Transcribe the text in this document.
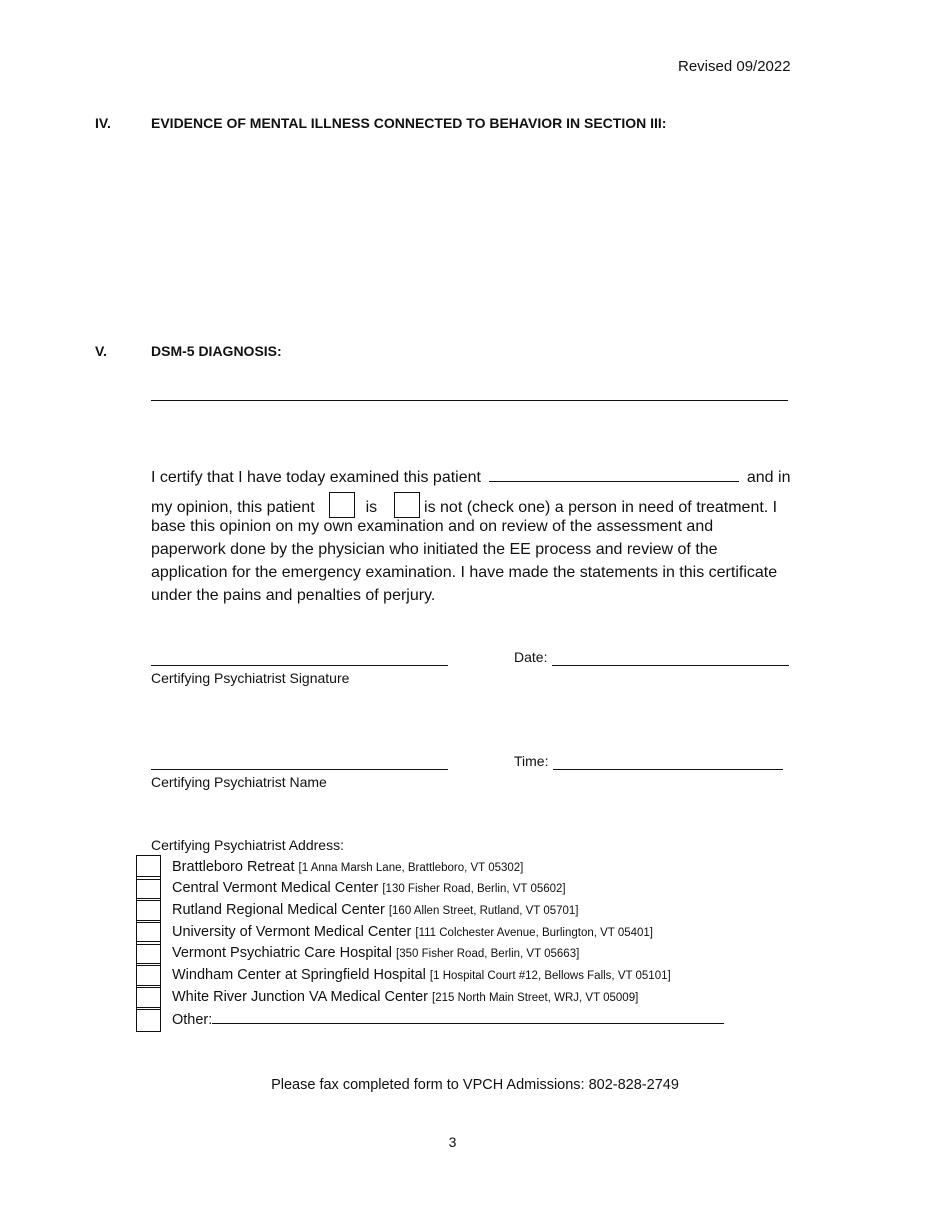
Revised 09/2022
IV.	EVIDENCE OF MENTAL ILLNESS CONNECTED TO BEHAVIOR IN SECTION III:
V.	DSM-5 DIAGNOSIS:
I certify that I have today examined this patient	and in
my opinion, this patient	is	is not (check one) a person in need of treatment. I
base this opinion on my own examination and on review of the assessment and
paperwork done by the physician who initiated the EE process and review of the
application for the emergency examination. I have made the statements in this certificate
under the pains and penalties of perjury.
Certifying Psychiatrist Signature
Date:
Certifying Psychiatrist Name
Time:
Certifying Psychiatrist Address:
Brattleboro Retreat [1 Anna Marsh Lane, Brattleboro, VT 05302]
Central Vermont Medical Center [130 Fisher Road, Berlin, VT 05602]
Rutland Regional Medical Center [160 Allen Street, Rutland, VT 05701]
University of Vermont Medical Center [111 Colchester Avenue, Burlington, VT 05401]
Vermont Psychiatric Care Hospital [350 Fisher Road, Berlin, VT 05663]
Windham Center at Springfield Hospital [1 Hospital Court #12, Bellows Falls, VT 05101]
White River Junction VA Medical Center [215 North Main Street, WRJ, VT 05009]
Other:
Please fax completed form to VPCH Admissions: 802-828-2749
3
